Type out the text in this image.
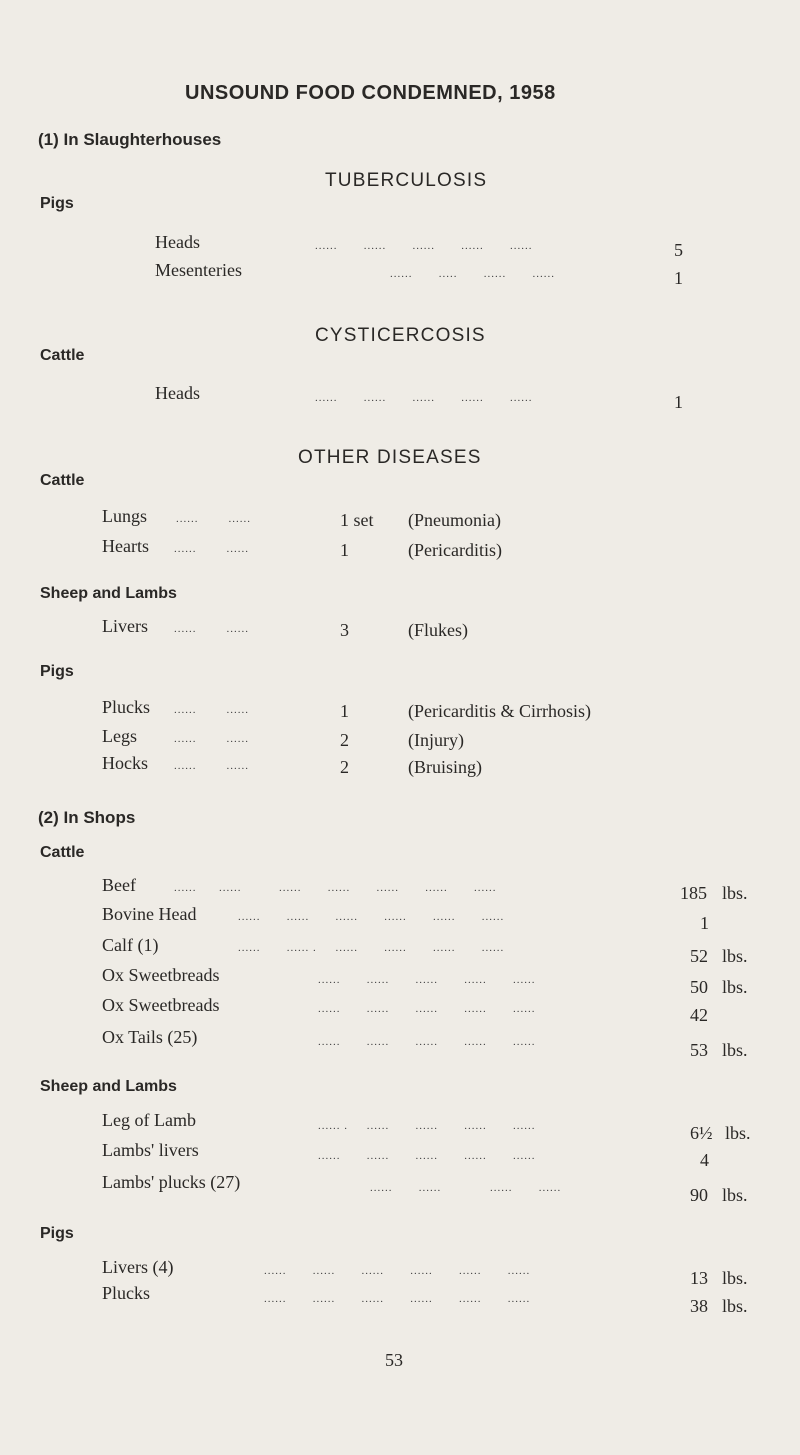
UNSOUND FOOD CONDEMNED, 1958
(1) In Slaughterhouses
TUBERCULOSIS
Pigs
Heads	......       ......       ......       ......       ......	5
Mesenteries	......       .....       ......       ......	1
CYSTICERCOSIS
Cattle
Heads	......       ......       ......       ......       ......	1
OTHER DISEASES
Cattle
Lungs	......        ......	1 set (Pneumonia)
Hearts ......        ......	1	(Pericarditis)
Sheep and Lambs
Livers ......        ......	3	(Flukes)
Pigs
Plucks ......        ......	1	(Pericarditis & Cirrhosis)
Legs	......        ......	2	(Injury)
Hocks ......        ......	2	(Bruising)
(2) In Shops
Cattle
Beef	......      ......          ......       ......       ......       ......       ......	185 lbs.
Bovine Head	......       ......       ......       ......       ......       ......	1
Calf (1)	......       ...... .     ......       ......       ......       ......	52 lbs.
Ox Sweetbreads	......       ......       ......       ......       ......	50 lbs.
Ox Sweetbreads	......       ......       ......       ......       ......	42
Ox Tails (25)	......       ......       ......       ......       ......	53 lbs.
Sheep and Lambs
Leg of Lamb	...... .     ......       ......       ......       ......	6½ lbs.
Lambs' livers	......       ......       ......       ......       ......	4
Lambs' plucks (27)	......       ......             ......       ......	90 lbs.
Pigs
Livers (4)	......       ......       ......       ......       ......       ......	13 lbs.
Plucks	......       ......       ......       ......       ......       ......	38 lbs.
53
